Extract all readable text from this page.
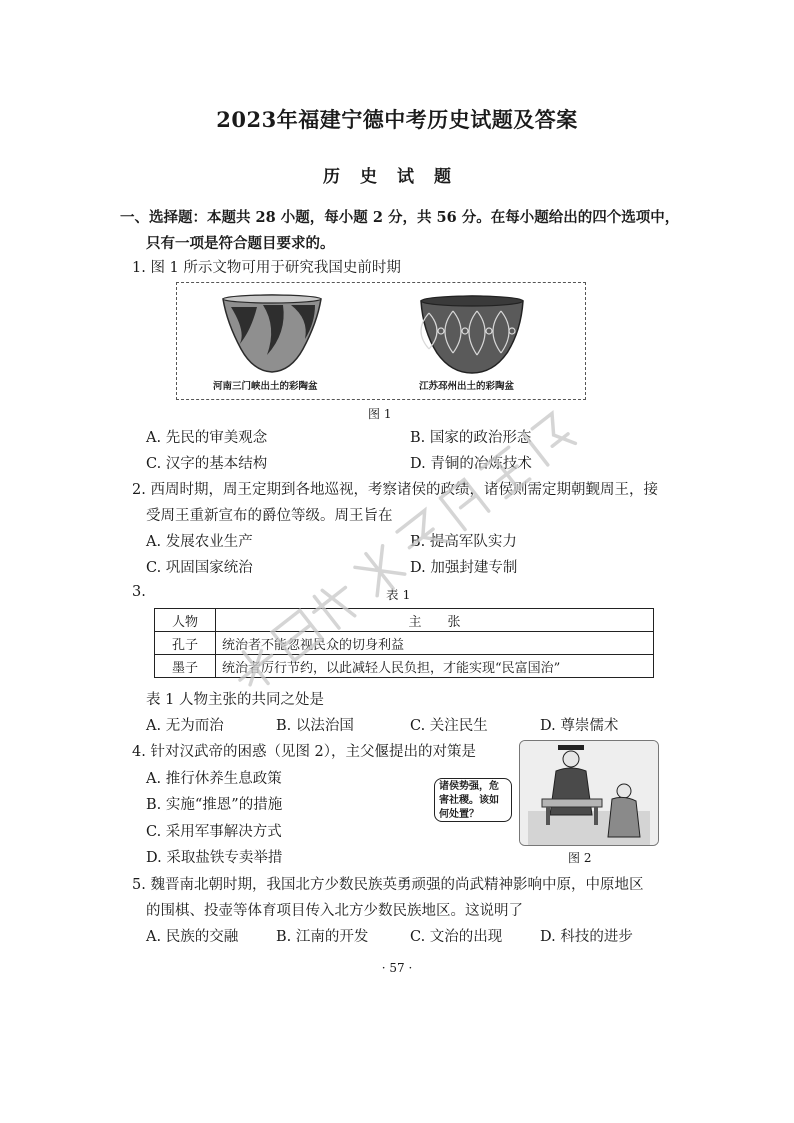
2023年福建宁德中考历史试题及答案
历史试题
一、选择题：本题共 28 小题，每小题 2 分，共 56 分。在每小题给出的四个选项中，
只有一项是符合题目要求的。
1. 图 1 所示文物可用于研究我国史前时期
河南三门峡出土的彩陶盆	江苏邳州出土的彩陶盆
图 1
A. 先民的审美观念	B. 国家的政治形态
C. 汉字的基本结构	D. 青铜的冶炼技术
2. 西周时期，周王定期到各地巡视，考察诸侯的政绩，诸侯则需定期朝觐周王，接
受周王重新宣布的爵位等级。周王旨在
A. 发展农业生产	B. 提高军队实力
C. 巩固国家统治	D. 加强封建专制
3.	表 1
人物	主　　张
孔子	统治者不能忽视民众的切身利益
墨子	统治者厉行节约，以此减轻人民负担，才能实现“民富国治”
表 1 人物主张的共同之处是
A. 无为而治	B. 以法治国	C. 关注民生	D. 尊崇儒术
4. 针对汉武帝的困惑（见图 2），主父偃提出的对策是
A. 推行休养生息政策
B. 实施“推恩”的措施
C. 采用军事解决方式
D. 采取盐铁专卖举措
诸侯势强，危害社稷。该如何处置？
图 2
5. 魏晋南北朝时期，我国北方少数民族英勇顽强的尚武精神影响中原，中原地区
的围棋、投壶等体育项目传入北方少数民族地区。这说明了
A. 民族的交融	B. 江南的开发	C. 文治的出现	D. 科技的进步
· 57 ·
